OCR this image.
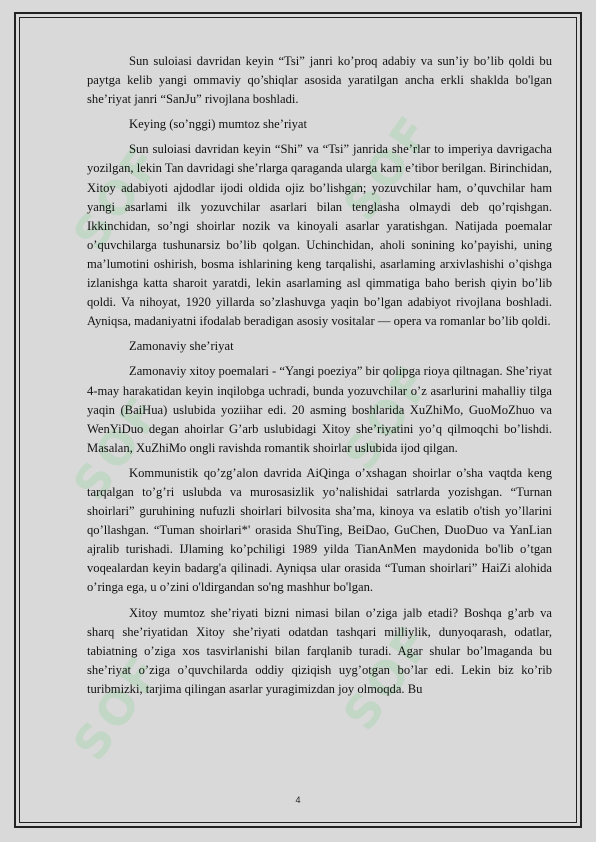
SOF	SOF
SOF	SOF
SOF	SOF

Sun suloiasi davridan keyin “Tsi” janri ko’proq adabiy va sun’iy bo’lib qoldi bu paytga kelib yangi ommaviy qo’shiqlar asosida yaratilgan ancha erkli shaklda bo'lgan she’riyat janri “SanJu” rivojlana boshladi.

Keying (so’nggi) mumtoz she’riyat

Sun suloiasi davridan keyin “Shi” va “Tsi” janrida she’rlar to imperiya davrigacha yozilgan, lekin Tan davridagi she’rlarga qaraganda ularga kam e’tibor berilgan. Birinchidan, Xitoy adabiyoti ajdodlar ijodi oldida ojiz bo’lishgan; yozuvchilar ham, o’quvchilar ham yangi asarlami ilk yozuvchilar asarlari bilan tenglasha olmaydi deb qo’rqishgan. Ikkinchidan, so’ngi shoirlar nozik va kinoyali asarlar yaratishgan. Natijada poemalar o’quvchilarga tushunarsiz bo’lib qolgan. Uchinchidan, aholi sonining ko’payishi, uning ma’lumotini oshirish, bosma ishlarining keng tarqalishi, asarlaming arxivlashishi o’qishga izlanishga katta sharoit yaratdi, lekin asarlaming asl qimmatiga baho berish qiyin bo’lib qoldi. Va nihoyat, 1920 yillarda so’zlashuvga yaqin bo’lgan adabiyot rivojlana boshladi. Ayniqsa, madaniyatni ifodalab beradigan asosiy vositalar — opera va romanlar bo’lib qoldi.

Zamonaviy she’riyat

Zamonaviy xitoy poemalari - “Yangi poeziya” bir qolipga rioya qiltnagan. She’riyat 4-may harakatidan keyin inqilobga uchradi, bunda yozuvchilar o’z asarlurini mahalliy tilga yaqin (BaiHua) uslubida yoziihar edi. 20 asming boshlarida XuZhiMo, GuoMoZhuo va WenYiDuo degan ahoirlar G’arb uslubidagi Xitoy she’riyatini yo’q qilmoqchi bo’lishdi. Masalan, XuZhiMo ongli ravishda romantik shoirlar uslubida ijod qilgan.

Kommunistik qo’zg’alon davrida AiQinga o’xshagan shoirlar o’sha vaqtda keng tarqalgan to’g’ri uslubda va murosasizlik yo’nalishidai satrlarda yozishgan. “Turnan shoirlari” guruhining nufuzli shoirlari bilvosita sha’ma, kinoya va eslatib o'tish yo’llarini qo’llashgan. “Tuman shoirlari*' orasida ShuTing, BeiDao, GuChen, DuoDuo va YanLian ajralib turishadi. IJlaming ko’pchiligi 1989 yilda TianAnMen maydonida bo'lib o’tgan voqealardan keyin badarg'a qilinadi. Ayniqsa ular orasida “Tuman shoirlari” HaiZi alohida o’ringa ega, u o’zini o'ldirgandan so'ng mashhur bo'lgan.

Xitoy mumtoz she’riyati bizni nimasi bilan o’ziga jalb etadi? Boshqa g’arb va sharq she’riyatidan Xitoy she’riyati odatdan tashqari milliylik, dunyoqarash, odatlar, tabiatning o’ziga xos tasvirlanishi bilan farqlanib turadi. Agar shular bo’lmaganda bu she’riyat o’ziga o’quvchilarda oddiy qiziqish uyg’otgan bo’lar edi. Lekin biz ko’rib turibmizki, tarjima qilingan asarlar yuragimizdan joy olmoqda. Bu

4
